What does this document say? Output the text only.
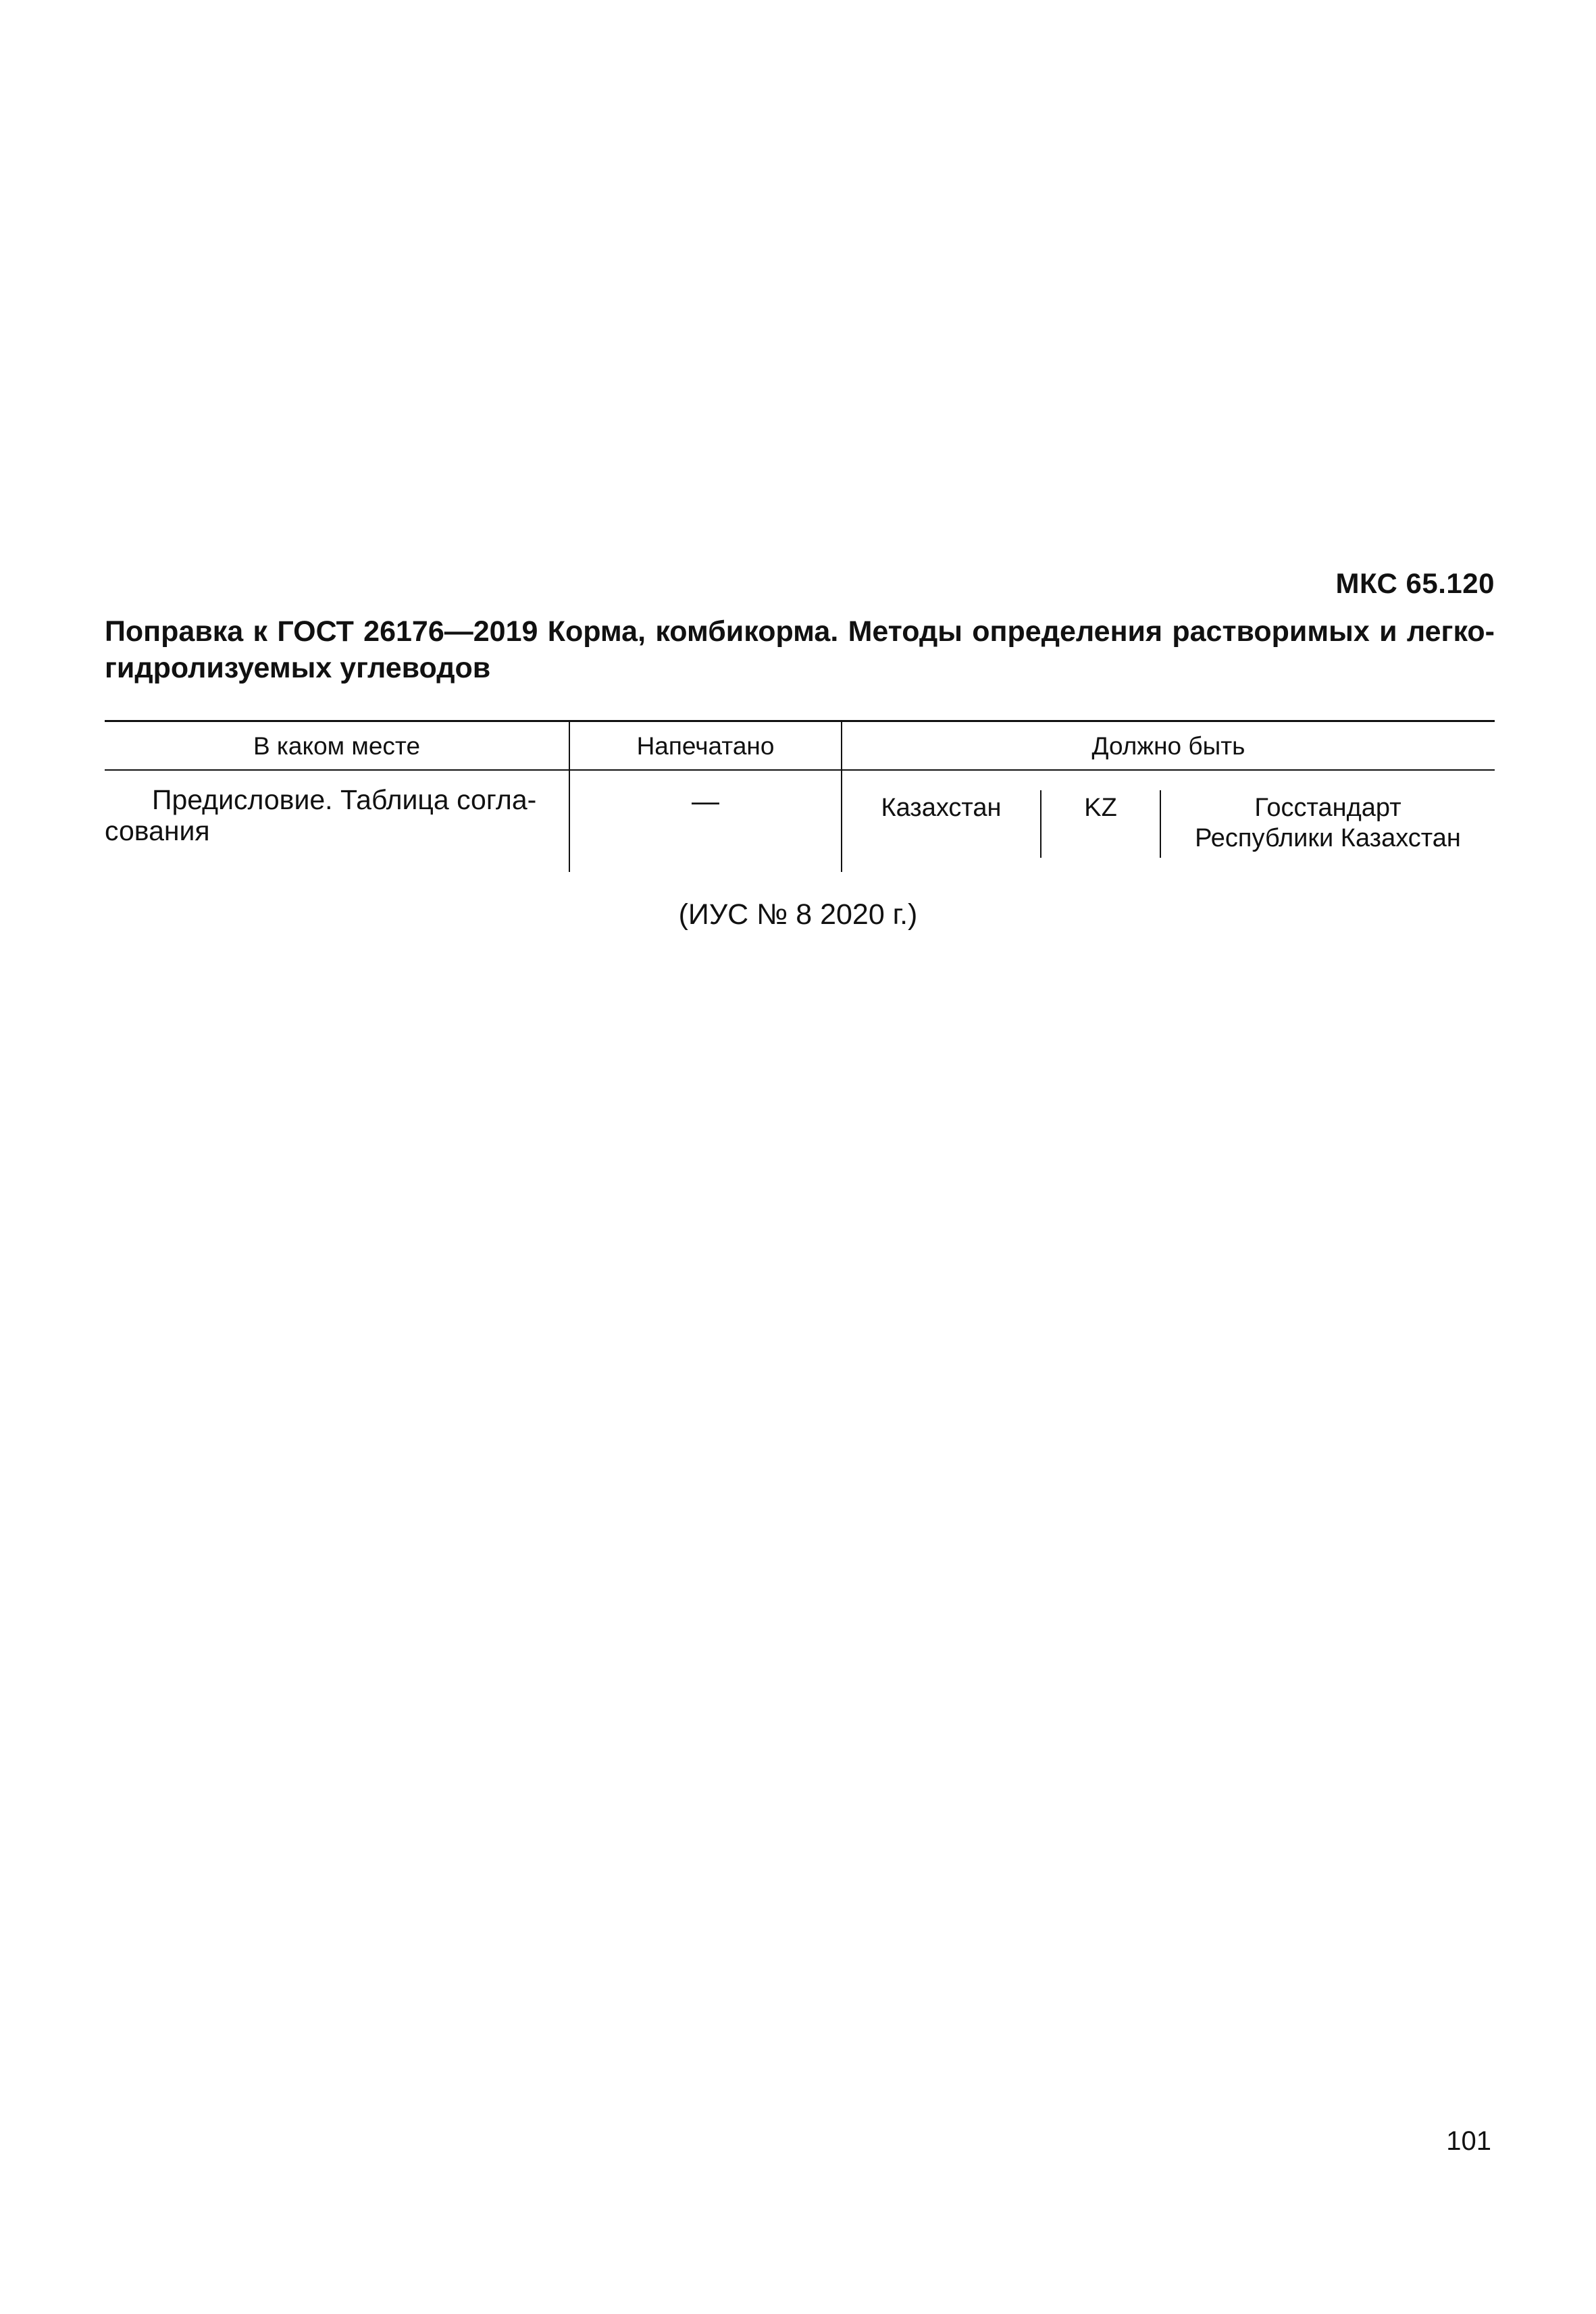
МКС 65.120
Поправка к ГОСТ 26176—2019 Корма, комбикорма. Методы определения растворимых и легко-
гидролизуемых углеводов
В каком месте	Напечатано	Должно быть
Предисловие. Таблица согла-
сования
—	Казахстан	KZ	Госстандарт
Республики Казахстан
(ИУС № 8 2020 г.)
101
